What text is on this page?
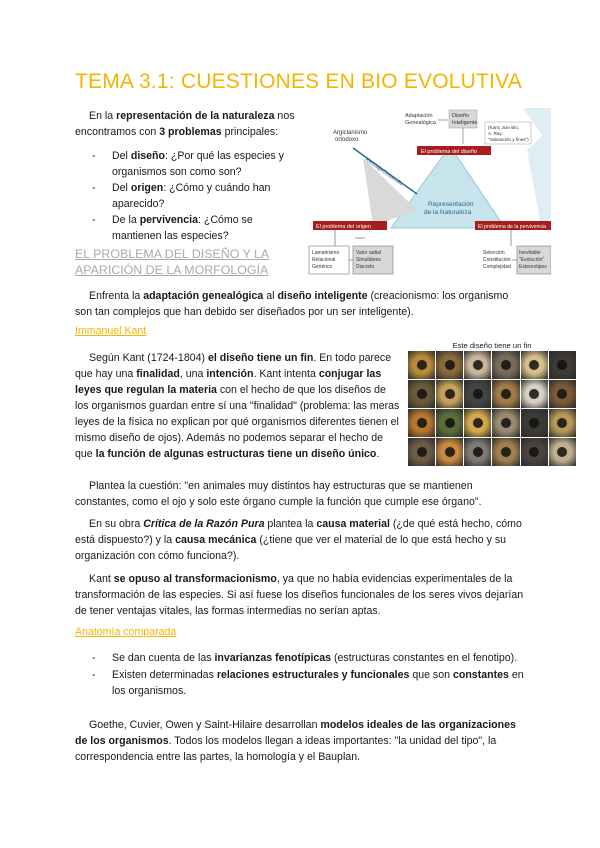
TEMA 3.1: CUESTIONES EN BIO EVOLUTIVA

En la representación de la naturaleza nos encontramos con 3 problemas principales:

- Del diseño: ¿Por qué las especies y organismos son como son?
- Del origen: ¿Cómo y cuándo han aparecido?
- De la pervivencia: ¿Cómo se mantienen las especies?
Reciclaje/Desarrollo
Adaptación
Genealógica
Diseño
Inteligente
(Kant, Joie Bio,
A. Ray.
"Valoración y fines")
Argiclanismo
ortodoxo
El problema del diseño
Representación
de la Naturaleza
El problema del origen	El problema de la pervivencia
Lamarkismo
Relacional
Genérico
Valor radial
Simultáneo
Discreto
Selección
Constitución
Complejidad
Inevitable
"Evolución"
Estereotipos
EL PROBLEMA DEL DISEÑO Y LA APARICIÓN DE LA MORFOLOGÍA

Enfrenta la adaptación genealógica al diseño inteligente (creacionismo: los organismo son tan complejos que han debido ser diseñados por un ser inteligente).

Immanuel Kant
Este diseño tiene un fin

Según Kant (1724-1804) el diseño tiene un fin. En todo parece que hay una finalidad, una intención. Kant intenta conjugar las leyes que regulan la materia con el hecho de que los diseños de los organismos guardan entre sí una "finalidad" (problema: las meras leyes de la física no explican por qué organismos diferentes tienen el mismo diseño de ojos). Además no podemos separar el hecho de que la función de algunas estructuras tiene un diseño único.

Plantea la cuestión: "en animales muy distintos hay estructuras que se mantienen constantes, como el ojo y solo este órgano cumple la función que cumple ese órgano".

En su obra Crítica de la Razón Pura plantea la causa material (¿de qué está hecho, cómo está dispuesto?) y la causa mecánica (¿tiene que ver el material de lo que está hecho y su organización con cómo funciona?).

Kant se opuso al transformacionismo, ya que no había evidencias experimentales de la transformación de las especies. Si así fuese los diseños funcionales de los seres vivos dejarían de tener ventajas vitales, las formas intermedias no serían aptas.

Anatomía comparada
- Se dan cuenta de las invarianzas fenotípicas (estructuras constantes en el fenotipo).
- Existen determinadas relaciones estructurales y funcionales que son constantes en los organismos.

Goethe, Cuvier, Owen y Saint-Hilaire desarrollan modelos ideales de las organizaciones de los organismos. Todos los modelos llegan a ideas importantes: "la unidad del tipo", la correspondencia entre las partes, la homología y el Bauplan.
